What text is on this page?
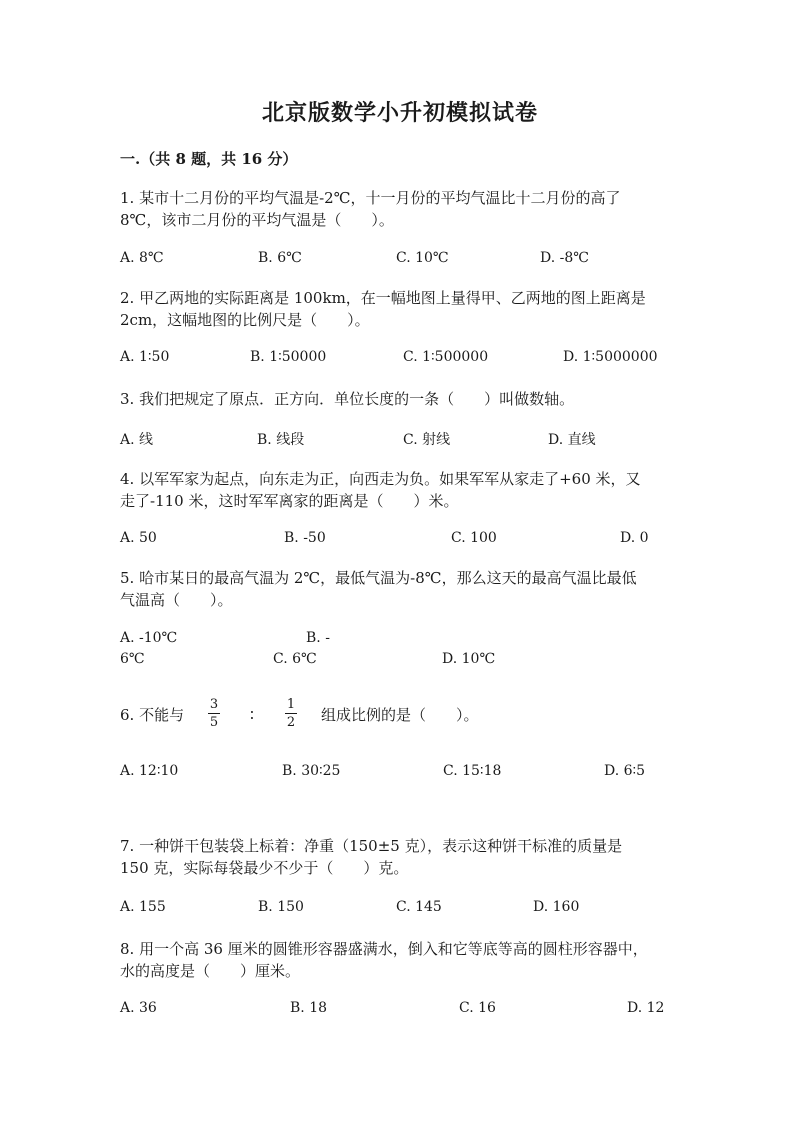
北京版数学小升初模拟试卷
一.（共 8 题，共 16 分）
1. 某市十二月份的平均气温是-2℃，十一月份的平均气温比十二月份的高了
8℃，该市二月份的平均气温是（　　）。
A. 8℃	B. 6℃	C. 10℃	D. -8℃
2. 甲乙两地的实际距离是 100km，在一幅地图上量得甲、乙两地的图上距离是
2cm，这幅地图的比例尺是（　　）。
A. 1∶50	B. 1∶50000	C. 1∶500000	D. 1∶5000000
3. 我们把规定了原点．正方向．单位长度的一条（　　）叫做数轴。
A. 线	B. 线段	C. 射线	D. 直线
4. 以军军家为起点，向东走为正，向西走为负。如果军军从家走了+60 米，又
走了-110 米，这时军军离家的距离是（　　）米。
A. 50	B. -50	C. 100	D. 0
5. 哈市某日的最高气温为 2℃，最低气温为-8℃，那么这天的最高气温比最低
气温高（　　）。
A. -10℃	B. -
6℃	C. 6℃	D. 10℃
6. 不能与
3
5 ∶
1
2 组成比例的是（　　）。
A. 12∶10	B. 30∶25	C. 15∶18	D. 6∶5
7. 一种饼干包装袋上标着：净重（150±5 克），表示这种饼干标准的质量是
150 克，实际每袋最少不少于（　　）克。
A. 155	B. 150	C. 145	D. 160
8. 用一个高 36 厘米的圆锥形容器盛满水，倒入和它等底等高的圆柱形容器中，
水的高度是（　　）厘米。
A. 36	B. 18	C. 16	D. 12
